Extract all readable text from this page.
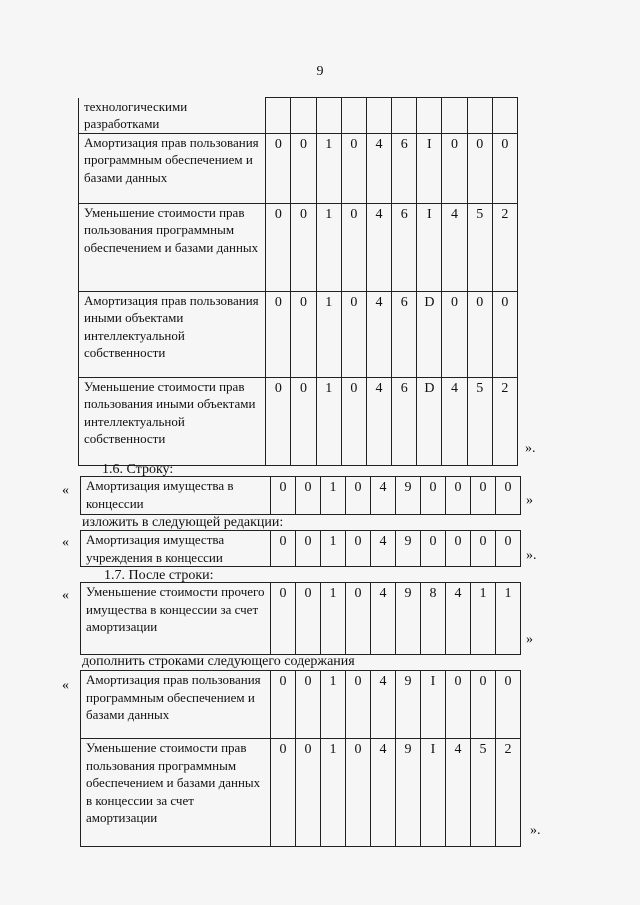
9
технологическими разработками										
Амортизация прав пользования программным обеспечением и базами данных	0	0	1	0	4	6	I	0	0	0
Уменьшение стоимости прав пользования программным обеспечением и базами данных	0	0	1	0	4	6	I	4	5	2
Амортизация прав пользования иными объектами интеллектуальной собственности	0	0	1	0	4	6	D	0	0	0
Уменьшение стоимости прав пользования иными объектами интеллектуальной собственности	0	0	1	0	4	6	D	4	5	2
».
1.6. Строку:
« Амортизация имущества в концессии	0	0	1	0	4	9	0	0	0	0
»
изложить в следующей редакции:
« Амортизация имущества учреждения в концессии	0	0	1	0	4	9	0	0	0	0
».
1.7. После строки:
« Уменьшение стоимости прочего имущества в концессии за счет амортизации	0	0	1	0	4	9	8	4	1	1
»
дополнить строками следующего содержания
« Амортизация прав пользования программным обеспечением и базами данных	0	0	1	0	4	9	I	0	0	0
Уменьшение стоимости прав пользования программным обеспечением и базами данных в концессии за счет амортизации	0	0	1	0	4	9	I	4	5	2
».
